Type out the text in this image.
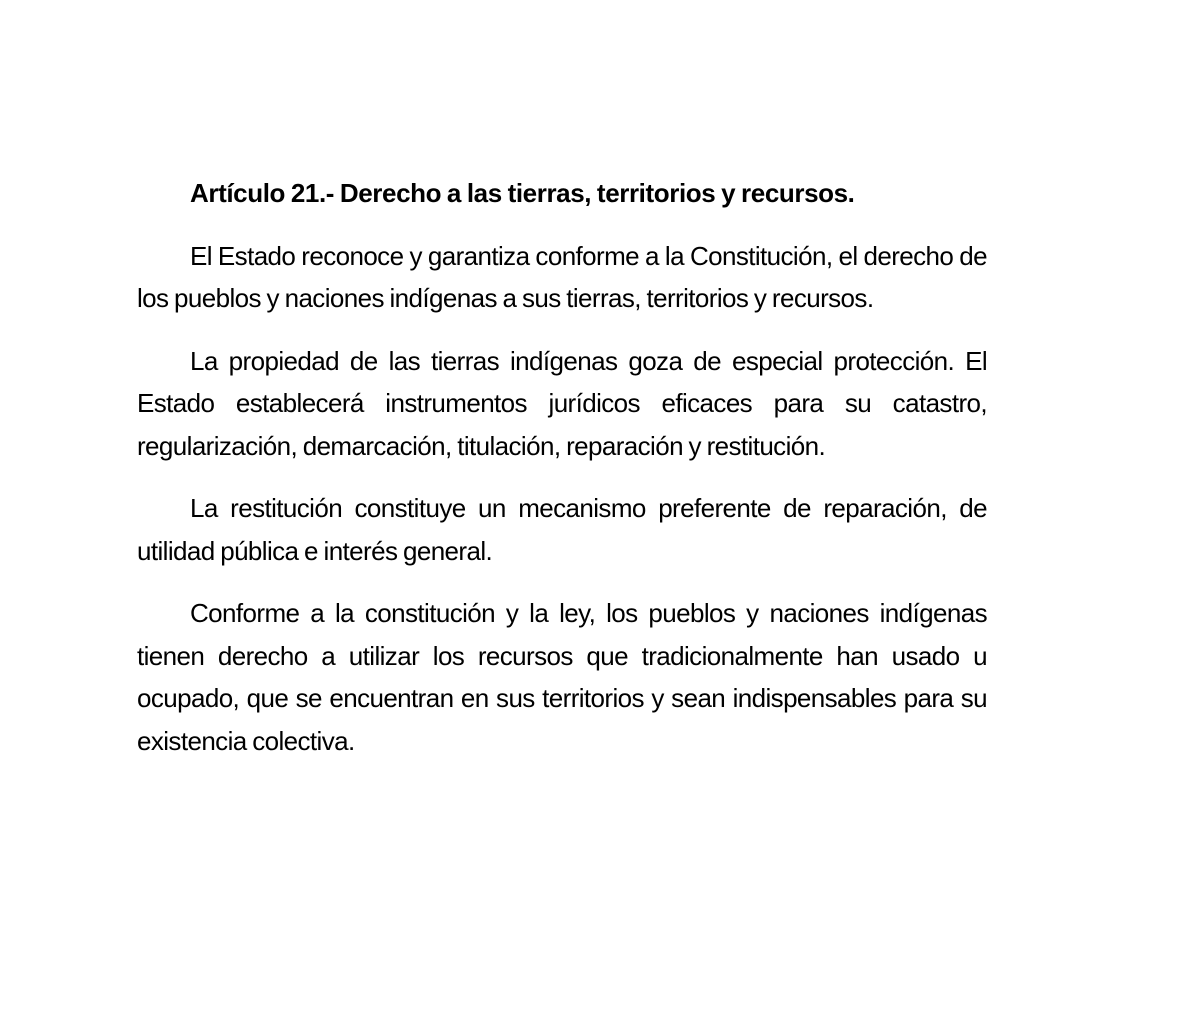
Artículo 21.- Derecho a las tierras, territorios y recursos.

El Estado reconoce y garantiza conforme a la Constitución, el derecho de los pueblos y naciones indígenas a sus tierras, territorios y recursos.

La propiedad de las tierras indígenas goza de especial protección. El Estado establecerá instrumentos jurídicos eficaces para su catastro, regularización, demarcación, titulación, reparación y restitución.

La restitución constituye un mecanismo preferente de reparación, de utilidad pública e interés general.

Conforme a la constitución y la ley, los pueblos y naciones indígenas tienen derecho a utilizar los recursos que tradicionalmente han usado u ocupado, que se encuentran en sus territorios y sean indispensables para su existencia colectiva.
